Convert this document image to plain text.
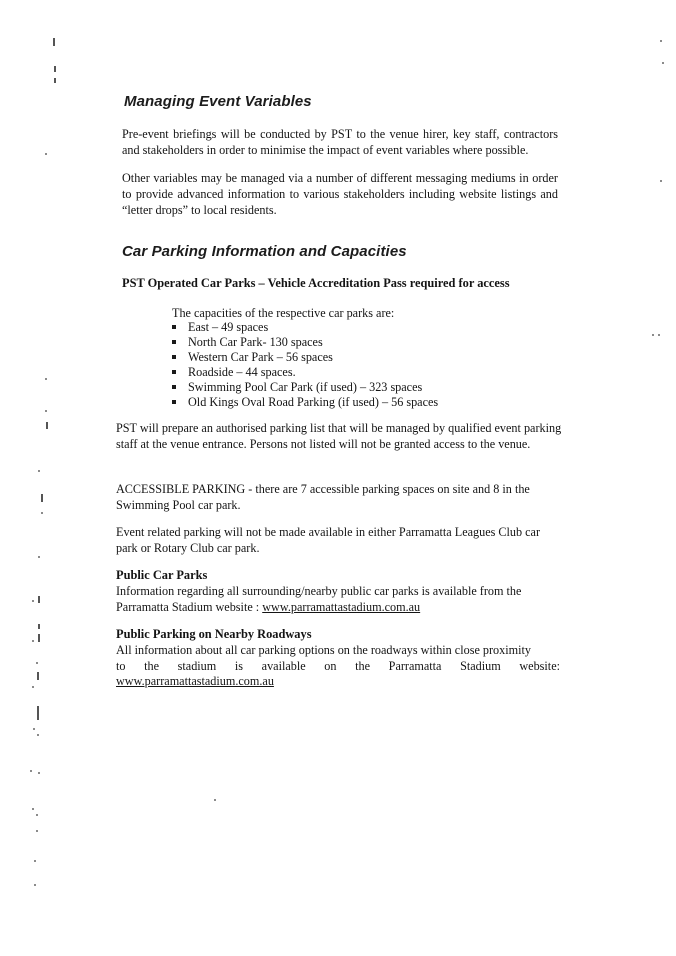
Managing Event Variables
Pre-event briefings will be conducted by PST to the venue hirer, key staff, contractors and stakeholders in order to minimise the impact of event variables where possible.
Other variables may be managed via a number of different messaging mediums in order to provide advanced information to various stakeholders including website listings and “letter drops” to local residents.
Car Parking Information and Capacities
PST Operated Car Parks – Vehicle Accreditation Pass required for access
The capacities of the respective car parks are:
East – 49 spaces
North Car Park- 130 spaces
Western Car Park – 56 spaces
Roadside – 44 spaces.
Swimming Pool Car Park (if used) – 323 spaces
Old Kings Oval Road Parking (if used) – 56 spaces
PST will prepare an authorised parking list that will be managed by qualified event parking staff at the venue entrance. Persons not listed will not be granted access to the venue.
ACCESSIBLE PARKING - there are 7 accessible parking spaces on site and 8 in the Swimming Pool car park.
Event related parking will not be made available in either Parramatta Leagues Club car park or Rotary Club car park.
Public Car Parks
Information regarding all surrounding/nearby public car parks is available from the Parramatta Stadium website : www.parramattastadium.com.au
Public Parking on Nearby Roadways
All information about all car parking options on the roadways within close proximity
to the stadium is available on the Parramatta Stadium website:
www.parramattastadium.com.au
